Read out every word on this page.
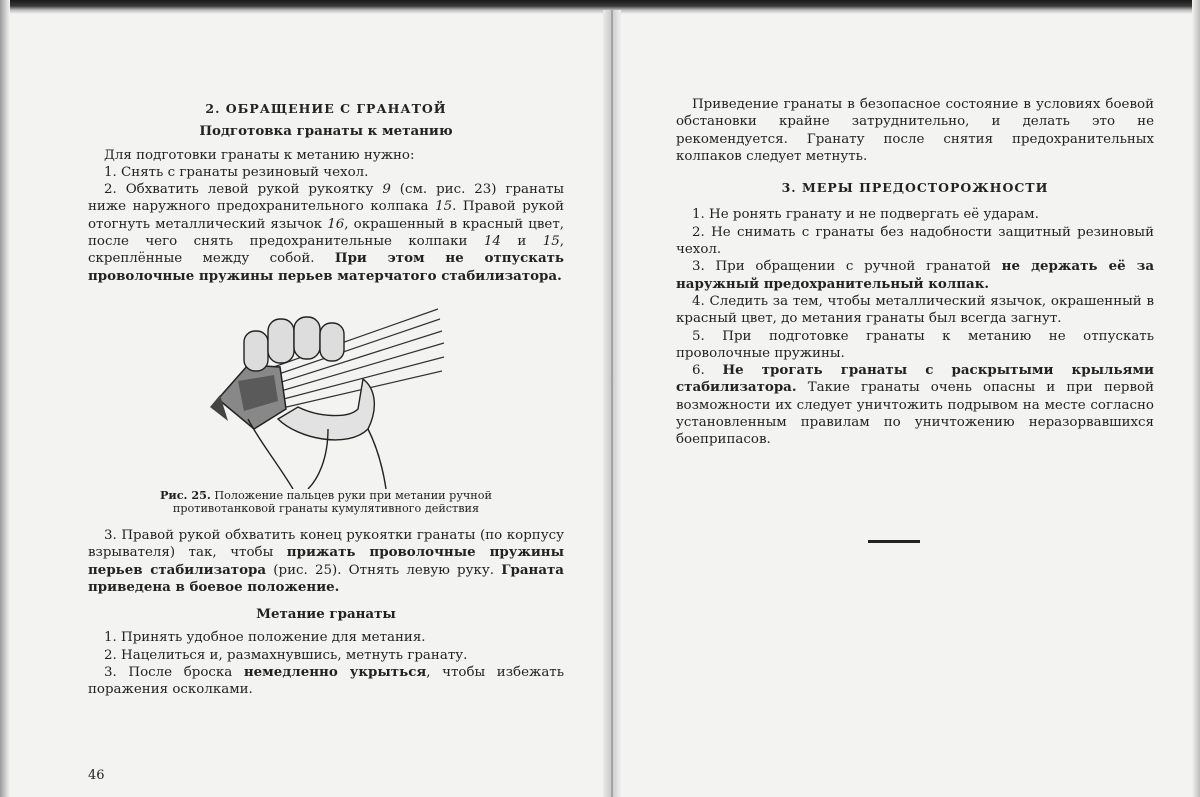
2. ОБРАЩЕНИЕ С ГРАНАТОЙ
Подготовка гранаты к метанию

Для подготовки гранаты к метанию нужно:

1. Снять с гранаты резиновый чехол.

2. Обхватить левой рукой рукоятку 9 (см. рис. 23) гранаты ниже наружного предохранительного колпака 15. Правой рукой отогнуть металлический язычок 16, окрашенный в красный цвет, после чего снять предохранительные колпаки 14 и 15, скреплённые между собой. При этом не отпускать проволочные пружины перьев матерчатого стабилизатора.

Рис. 25. Положение пальцев руки при метании ручной противотанковой гранаты кумулятивного действия

3. Правой рукой обхватить конец рукоятки гранаты (по корпусу взрывателя) так, чтобы прижать проволочные пружины перьев стабилизатора (рис. 25). Отнять левую руку. Граната приведена в боевое положение.

Метание гранаты

1. Принять удобное положение для метания.

2. Нацелиться и, размахнувшись, метнуть гранату.

3. После броска немедленно укрыться, чтобы избежать поражения осколками.

46

Приведение гранаты в безопасное состояние в условиях боевой обстановки крайне затруднительно, и делать это не рекомендуется. Гранату после снятия предохранительных колпаков следует метнуть.

3. МЕРЫ ПРЕДОСТОРОЖНОСТИ

1. Не ронять гранату и не подвергать её ударам.

2. Не снимать с гранаты без надобности защитный резиновый чехол.

3. При обращении с ручной гранатой не держать её за наружный предохранительный колпак.

4. Следить за тем, чтобы металлический язычок, окрашенный в красный цвет, до метания гранаты был всегда загнут.

5. При подготовке гранаты к метанию не отпускать проволочные пружины.

6. Не трогать гранаты с раскрытыми крыльями стабилизатора. Такие гранаты очень опасны и при первой возможности их следует уничтожить подрывом на месте согласно установленным правилам по уничтожению неразорвавшихся боеприпасов.
